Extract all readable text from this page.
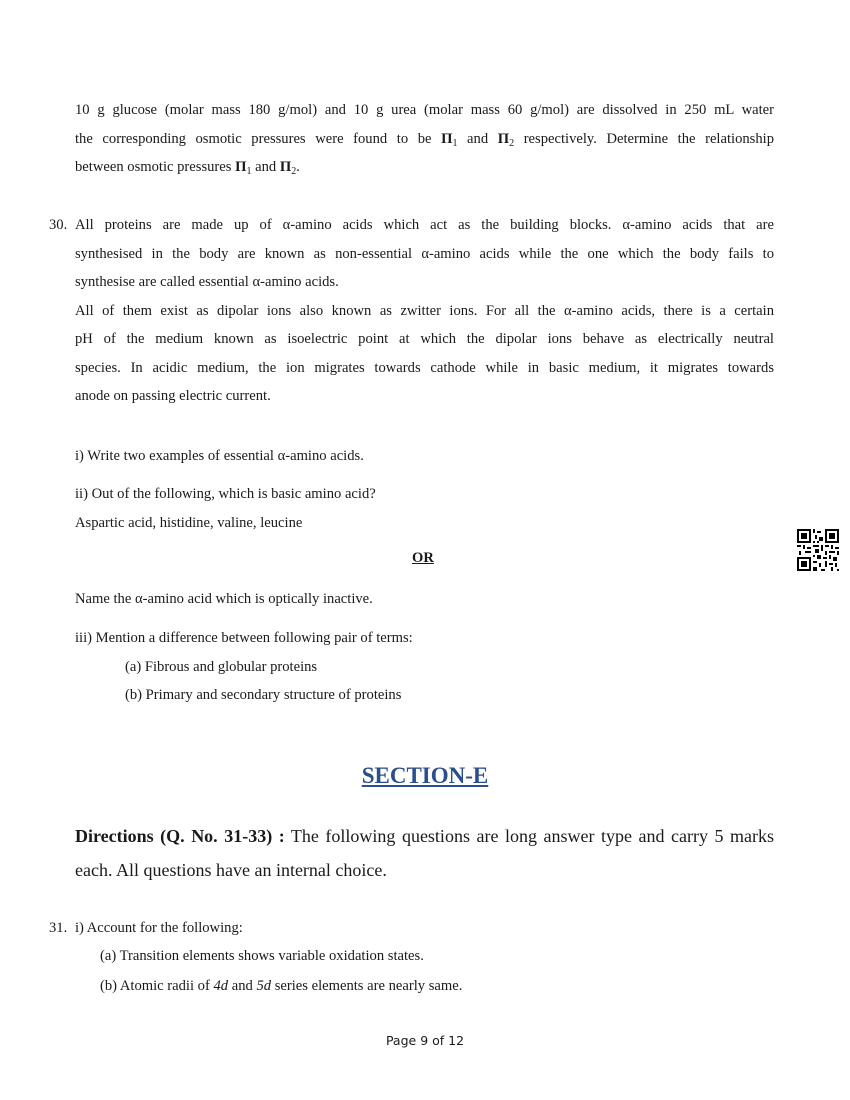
10 g glucose (molar mass 180 g/mol) and 10 g urea (molar mass 60 g/mol) are dissolved in 250 mL water
the corresponding osmotic pressures were found to be $\Pi_1$ and $\Pi_2$ respectively. Determine the relationship
between osmotic pressures $\Pi_1$ and $\Pi_2$.
30. All proteins are made up of α-amino acids which act as the building blocks. α-amino acids that are
synthesised in the body are known as non-essential α-amino acids while the one which the body fails to
synthesise are called essential α-amino acids.
All of them exist as dipolar ions also known as zwitter ions. For all the α-amino acids, there is a certain
pH of the medium known as isoelectric point at which the dipolar ions behave as electrically neutral
species. In acidic medium, the ion migrates towards cathode while in basic medium, it migrates towards
anode on passing electric current.
i) Write two examples of essential α-amino acids.
ii) Out of the following, which is basic amino acid?
Aspartic acid, histidine, valine, leucine
OR
Name the α-amino acid which is optically inactive.
iii) Mention a difference between following pair of terms:
(a) Fibrous and globular proteins
(b) Primary and secondary structure of proteins
SECTION-E
Directions (Q. No. 31-33) : The following questions are long answer type and carry 5 marks each. All questions have an internal choice.
31. i) Account for the following:
(a) Transition elements shows variable oxidation states.
(b) Atomic radii of 4d and 5d series elements are nearly same.
Page 9 of 12
